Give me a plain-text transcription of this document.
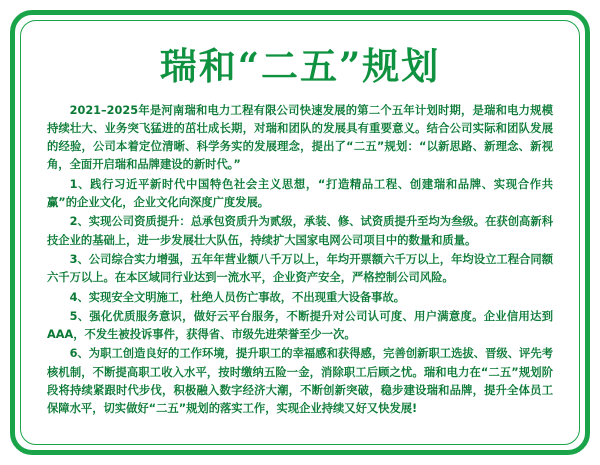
瑞和“二五”规划

2021–2025年是河南瑞和电力工程有限公司快速发展的第二个五年计划时期，是瑞和电力规模持续壮大、业务突飞猛进的茁壮成长期，对瑞和团队的发展具有重要意义。结合公司实际和团队发展的经验，公司本着定位清晰、科学务实的发展理念，提出了“二五”规划：“以新思路、新理念、新视角，全面开启瑞和品牌建设的新时代。”

1、践行习近平新时代中国特色社会主义思想，“打造精品工程、创建瑞和品牌、实现合作共赢”的企业文化，企业文化向深度广度发展。

2、实现公司资质提升：总承包资质升为贰级，承装、修、试资质提升至均为叁级。在获创高新科技企业的基础上，进一步发展壮大队伍，持续扩大国家电网公司项目中的数量和质量。

3、公司综合实力增强，五年年营业额八千万以上，年均开票额六千万以上，年均设立工程合同额六千万以上。在本区域同行业达到一流水平，企业资产安全，严格控制公司风险。

4、实现安全文明施工，杜绝人员伤亡事故，不出现重大设备事故。

5、强化优质服务意识，做好云平台服务，不断提升对公司认可度、用户满意度。企业信用达到AAA，不发生被投诉事件，获得省、市级先进荣誉至少一次。

6、为职工创造良好的工作环境，提升职工的幸福感和获得感，完善创新职工选拔、晋级、评先考核机制，不断提高职工收入水平，按时缴纳五险一金，消除职工后顾之忧。瑞和电力在“二五”规划阶段将持续紧跟时代步伐，积极融入数字经济大潮，不断创新突破，稳步建设瑞和品牌，提升全体员工保障水平，切实做好“二五”规划的落实工作，实现企业持续又好又快发展!
